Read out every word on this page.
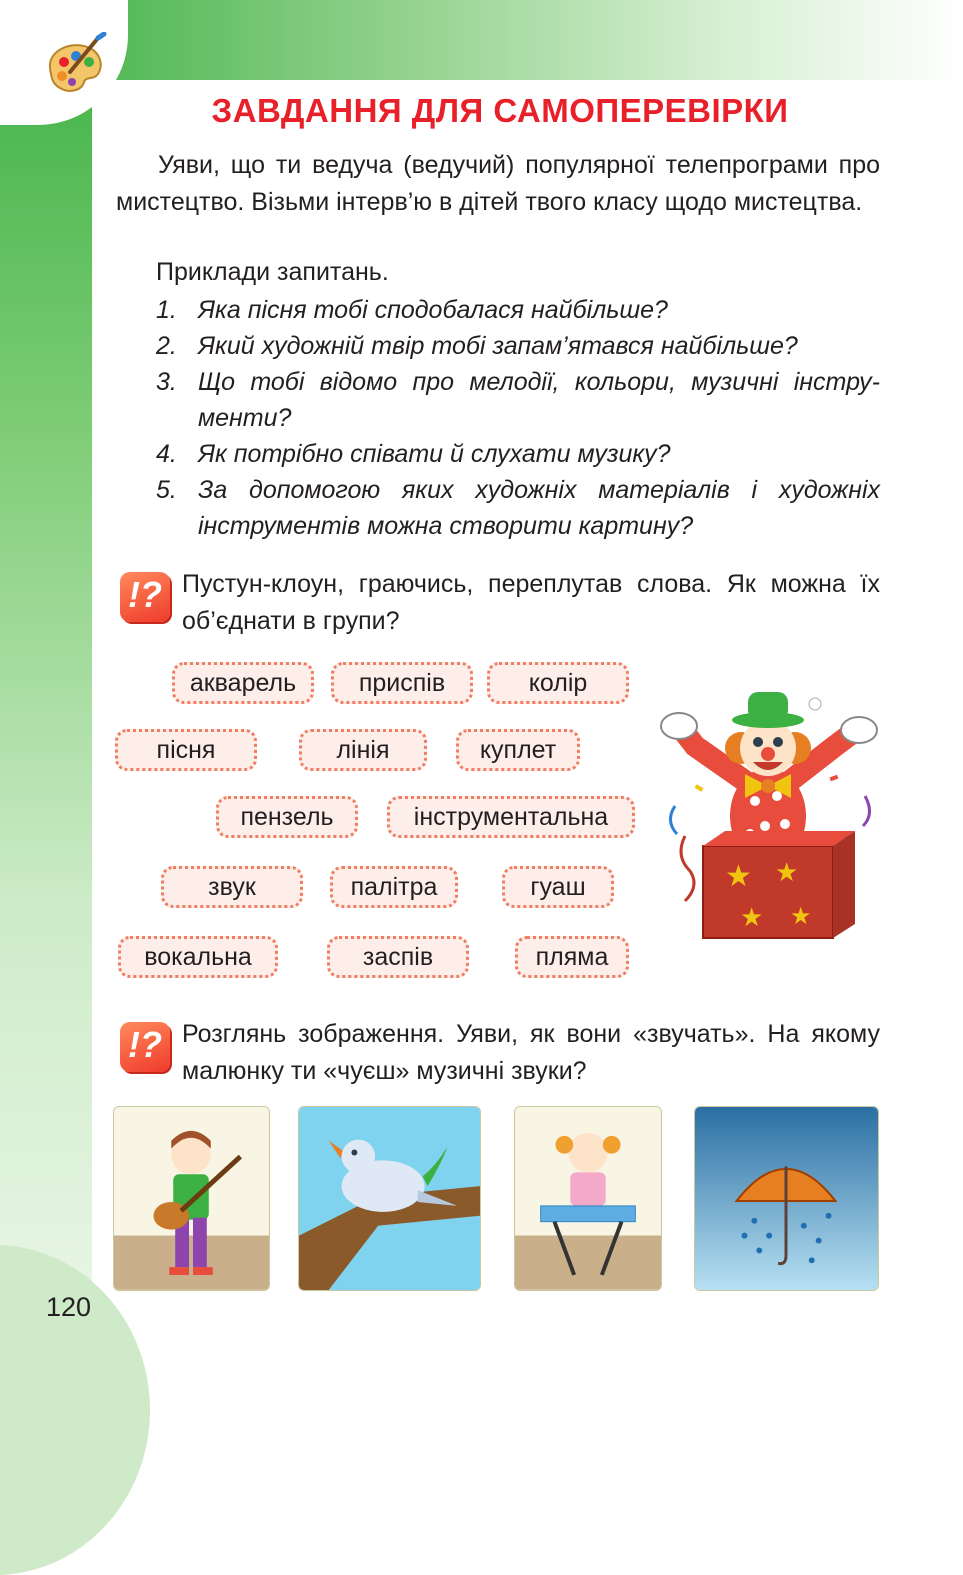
ЗАВДАННЯ ДЛЯ САМОПЕРЕВІРКИ
Уяви, що ти ведуча (ведучий) популярної телепрограми про мистецтво. Візьми інтерв’ю в дітей твого класу щодо мистецтва.
Приклади запитань.
1. Яка пісня тобі сподобалася найбільше?
2. Який художній твір тобі запам’ятався найбільше?
3. Що тобі відомо про мелодії, кольори, музичні інструменти?
4. Як потрібно співати й слухати музику?
5. За допомогою яких художніх матеріалів і художніх інструментів можна створити картину?
!? Пустун-клоун, граючись, переплутав слова. Як можна їх об’єднати в групи?
акварель	приспів	колір
пісня	лінія	куплет
пензель	інструментальна
звук	палітра	гуаш
вокальна	заспів	пляма
★ ★
★ ★
!? Розглянь зображення. Уяви, як вони «звучать». На якому малюнку ти «чуєш» музичні звуки?
120
